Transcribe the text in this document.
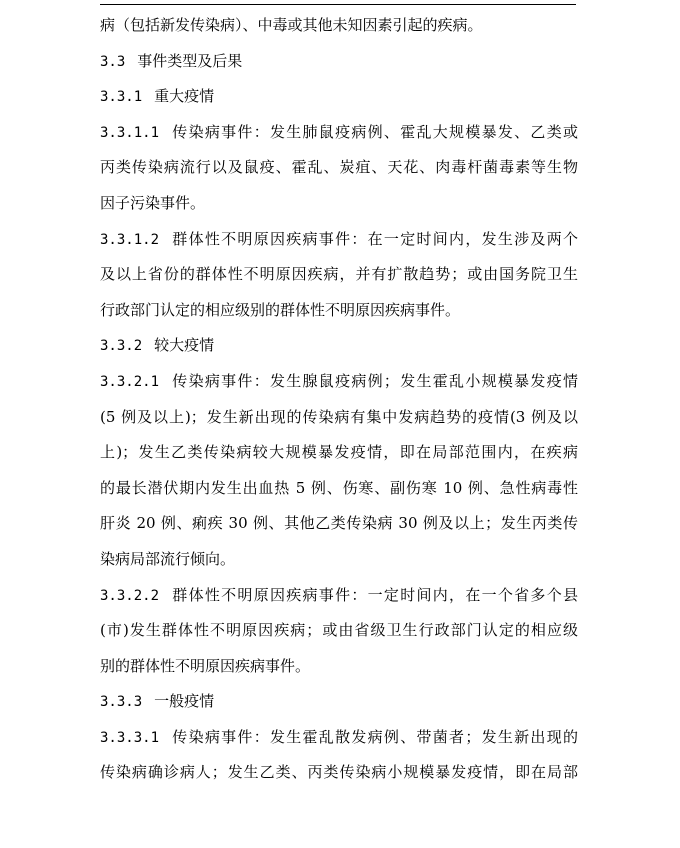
病（包括新发传染病）、中毒或其他未知因素引起的疾病。
3.3 事件类型及后果
3.3.1 重大疫情
3.3.1.1 传染病事件：发生肺鼠疫病例、霍乱大规模暴发、乙类或
丙类传染病流行以及鼠疫、霍乱、炭疽、天花、肉毒杆菌毒素等生物
因子污染事件。
3.3.1.2 群体性不明原因疾病事件：在一定时间内，发生涉及两个
及以上省份的群体性不明原因疾病，并有扩散趋势；或由国务院卫生
行政部门认定的相应级别的群体性不明原因疾病事件。
3.3.2 较大疫情
3.3.2.1 传染病事件：发生腺鼠疫病例；发生霍乱小规模暴发疫情
(5 例及以上)；发生新出现的传染病有集中发病趋势的疫情(3 例及以
上)；发生乙类传染病较大规模暴发疫情，即在局部范围内，在疾病
的最长潜伏期内发生出血热 5 例、伤寒、副伤寒 10 例、急性病毒性
肝炎 20 例、痢疾 30 例、其他乙类传染病 30 例及以上；发生丙类传
染病局部流行倾向。
3.3.2.2 群体性不明原因疾病事件：一定时间内，在一个省多个县
(市)发生群体性不明原因疾病；或由省级卫生行政部门认定的相应级
别的群体性不明原因疾病事件。
3.3.3 一般疫情
3.3.3.1 传染病事件：发生霍乱散发病例、带菌者；发生新出现的
传染病确诊病人；发生乙类、丙类传染病小规模暴发疫情，即在局部
